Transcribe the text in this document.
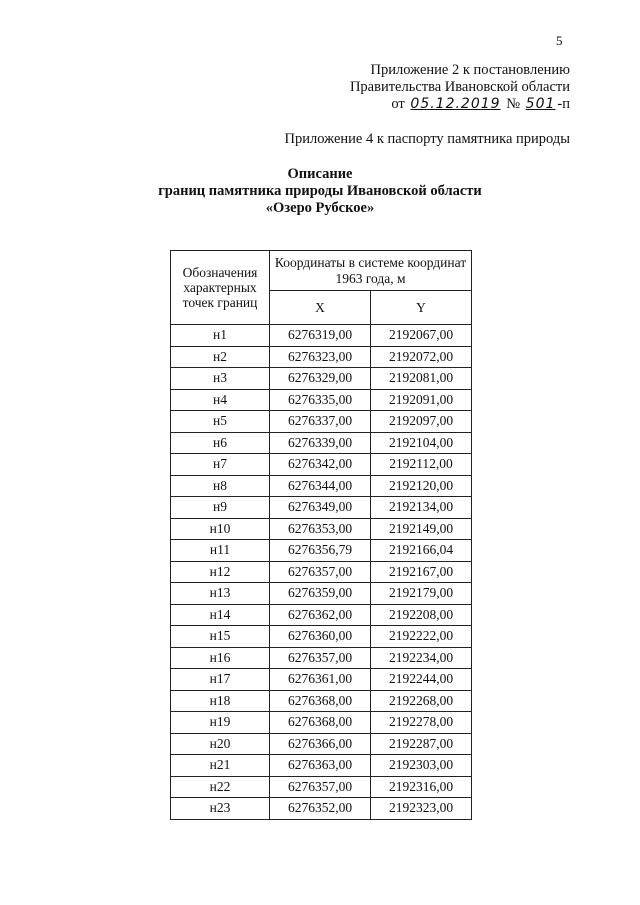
5
Приложение 2 к постановлению
Правительства Ивановской области
от 05.12.2019 № 501 -п
Приложение 4 к паспорту памятника природы
Описание
границ памятника природы Ивановской области
«Озеро Рубское»
Обозначения характерных точек границ	Координаты в системе координат 1963 года, м	
	X	Y
н1	6276319,00	2192067,00
н2	6276323,00	2192072,00
н3	6276329,00	2192081,00
н4	6276335,00	2192091,00
н5	6276337,00	2192097,00
н6	6276339,00	2192104,00
н7	6276342,00	2192112,00
н8	6276344,00	2192120,00
н9	6276349,00	2192134,00
н10	6276353,00	2192149,00
н11	6276356,79	2192166,04
н12	6276357,00	2192167,00
н13	6276359,00	2192179,00
н14	6276362,00	2192208,00
н15	6276360,00	2192222,00
н16	6276357,00	2192234,00
н17	6276361,00	2192244,00
н18	6276368,00	2192268,00
н19	6276368,00	2192278,00
н20	6276366,00	2192287,00
н21	6276363,00	2192303,00
н22	6276357,00	2192316,00
н23	6276352,00	2192323,00
